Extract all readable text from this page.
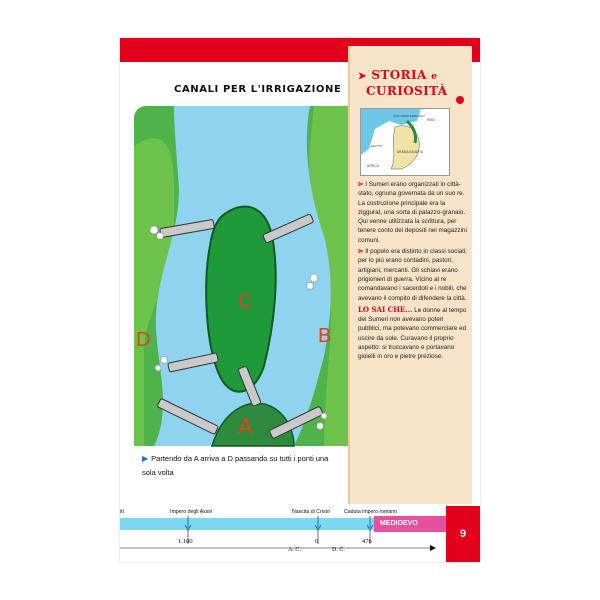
CANALI PER L'IRRIGAZIONE
C
B
D
A
▶ Partendo da A arriva a D passando su tutti i ponti una sola volta
➤ STORIA e
CURIOSITÀ
MAR MEDITERRANEO
IRAN
ARABIA SAUDITA
EGITTO
AFRICA

⊳ I Sumeri erano organizzati in città-stato, ognuna governata da un suo re. La costruzione principale era la ziggurat, una sorta di palazzo-granaio. Qui venne utilizzata la scrittura, per tenere conto dei depositi nei magazzini comuni.

⊳ Il popolo era distinto in classi sociali; per lo più erano contadini, pastori, artigiani, mercanti. Gli schiavi erano prigionieri di guerra. Vicino al re comandavano i sacerdoti e i nobili, che avevano il compito di difendere la città.

LO SAI CHE... Le donne al tempo dei Sumeri non avevano poteri pubblici, ma potevano commerciare ed uscire da sole. Curavano il proprio aspetto: si truccavano e portavano gioielli in oro e pietre preziose.

iti	Impero degli Assiri	Nascita di Cristo	Caduta impero romano
MEDIOEVO
1.100	0	476
A. C.	D. C.
9
